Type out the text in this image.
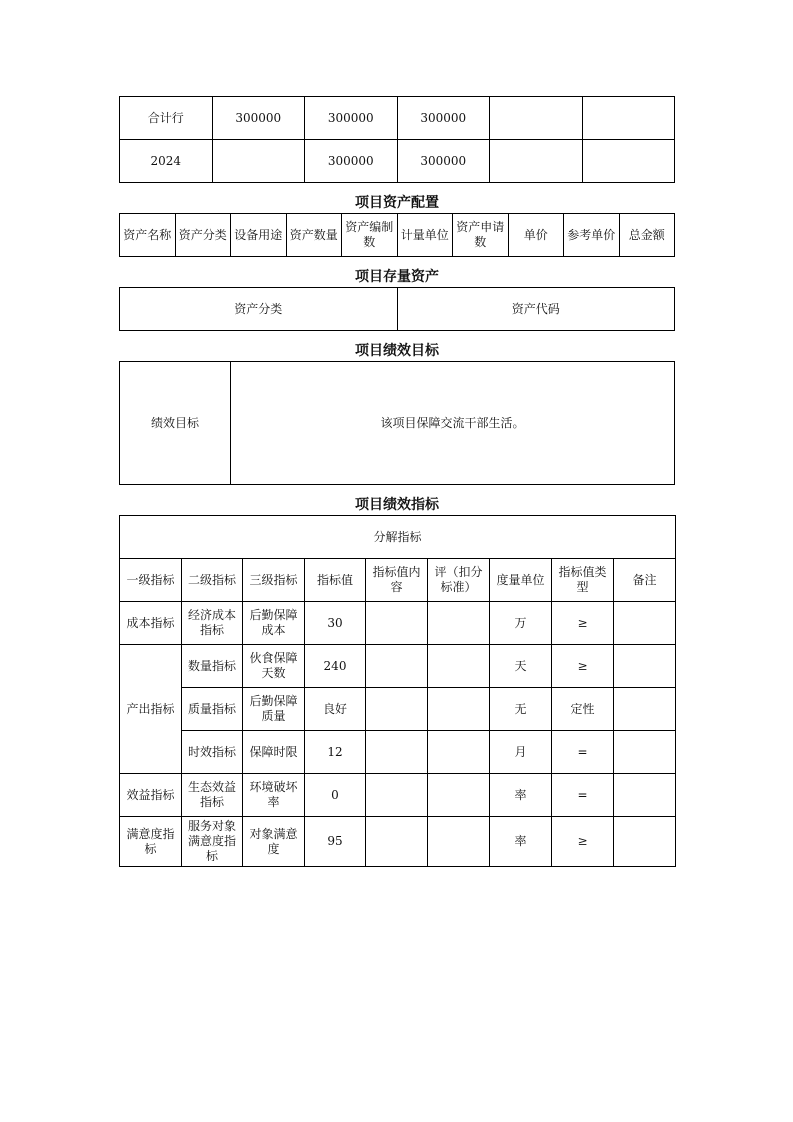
合计行	300000	300000	300000		
2024		300000	300000		
项目资产配置
资产名称	资产分类	设备用途	资产数量	资产编制数	计量单位	资产申请数	单价	参考单价	总金额
项目存量资产
资产分类	资产代码
项目绩效目标
绩效目标	该项目保障交流干部生活。
项目绩效指标
分解指标								
一级指标	二级指标	三级指标	指标值	指标值内容	评（扣分标准）	度量单位	指标值类型	备注
成本指标	经济成本指标	后勤保障成本	30			万	≥	
产出指标	数量指标	伙食保障天数	240			天	≥	
	质量指标	后勤保障质量	良好			无	定性	
	时效指标	保障时限	12			月	=	
效益指标	生态效益指标	环境破坏率	0			率	=	
满意度指标	服务对象满意度指标	对象满意度	95			率	≥	
